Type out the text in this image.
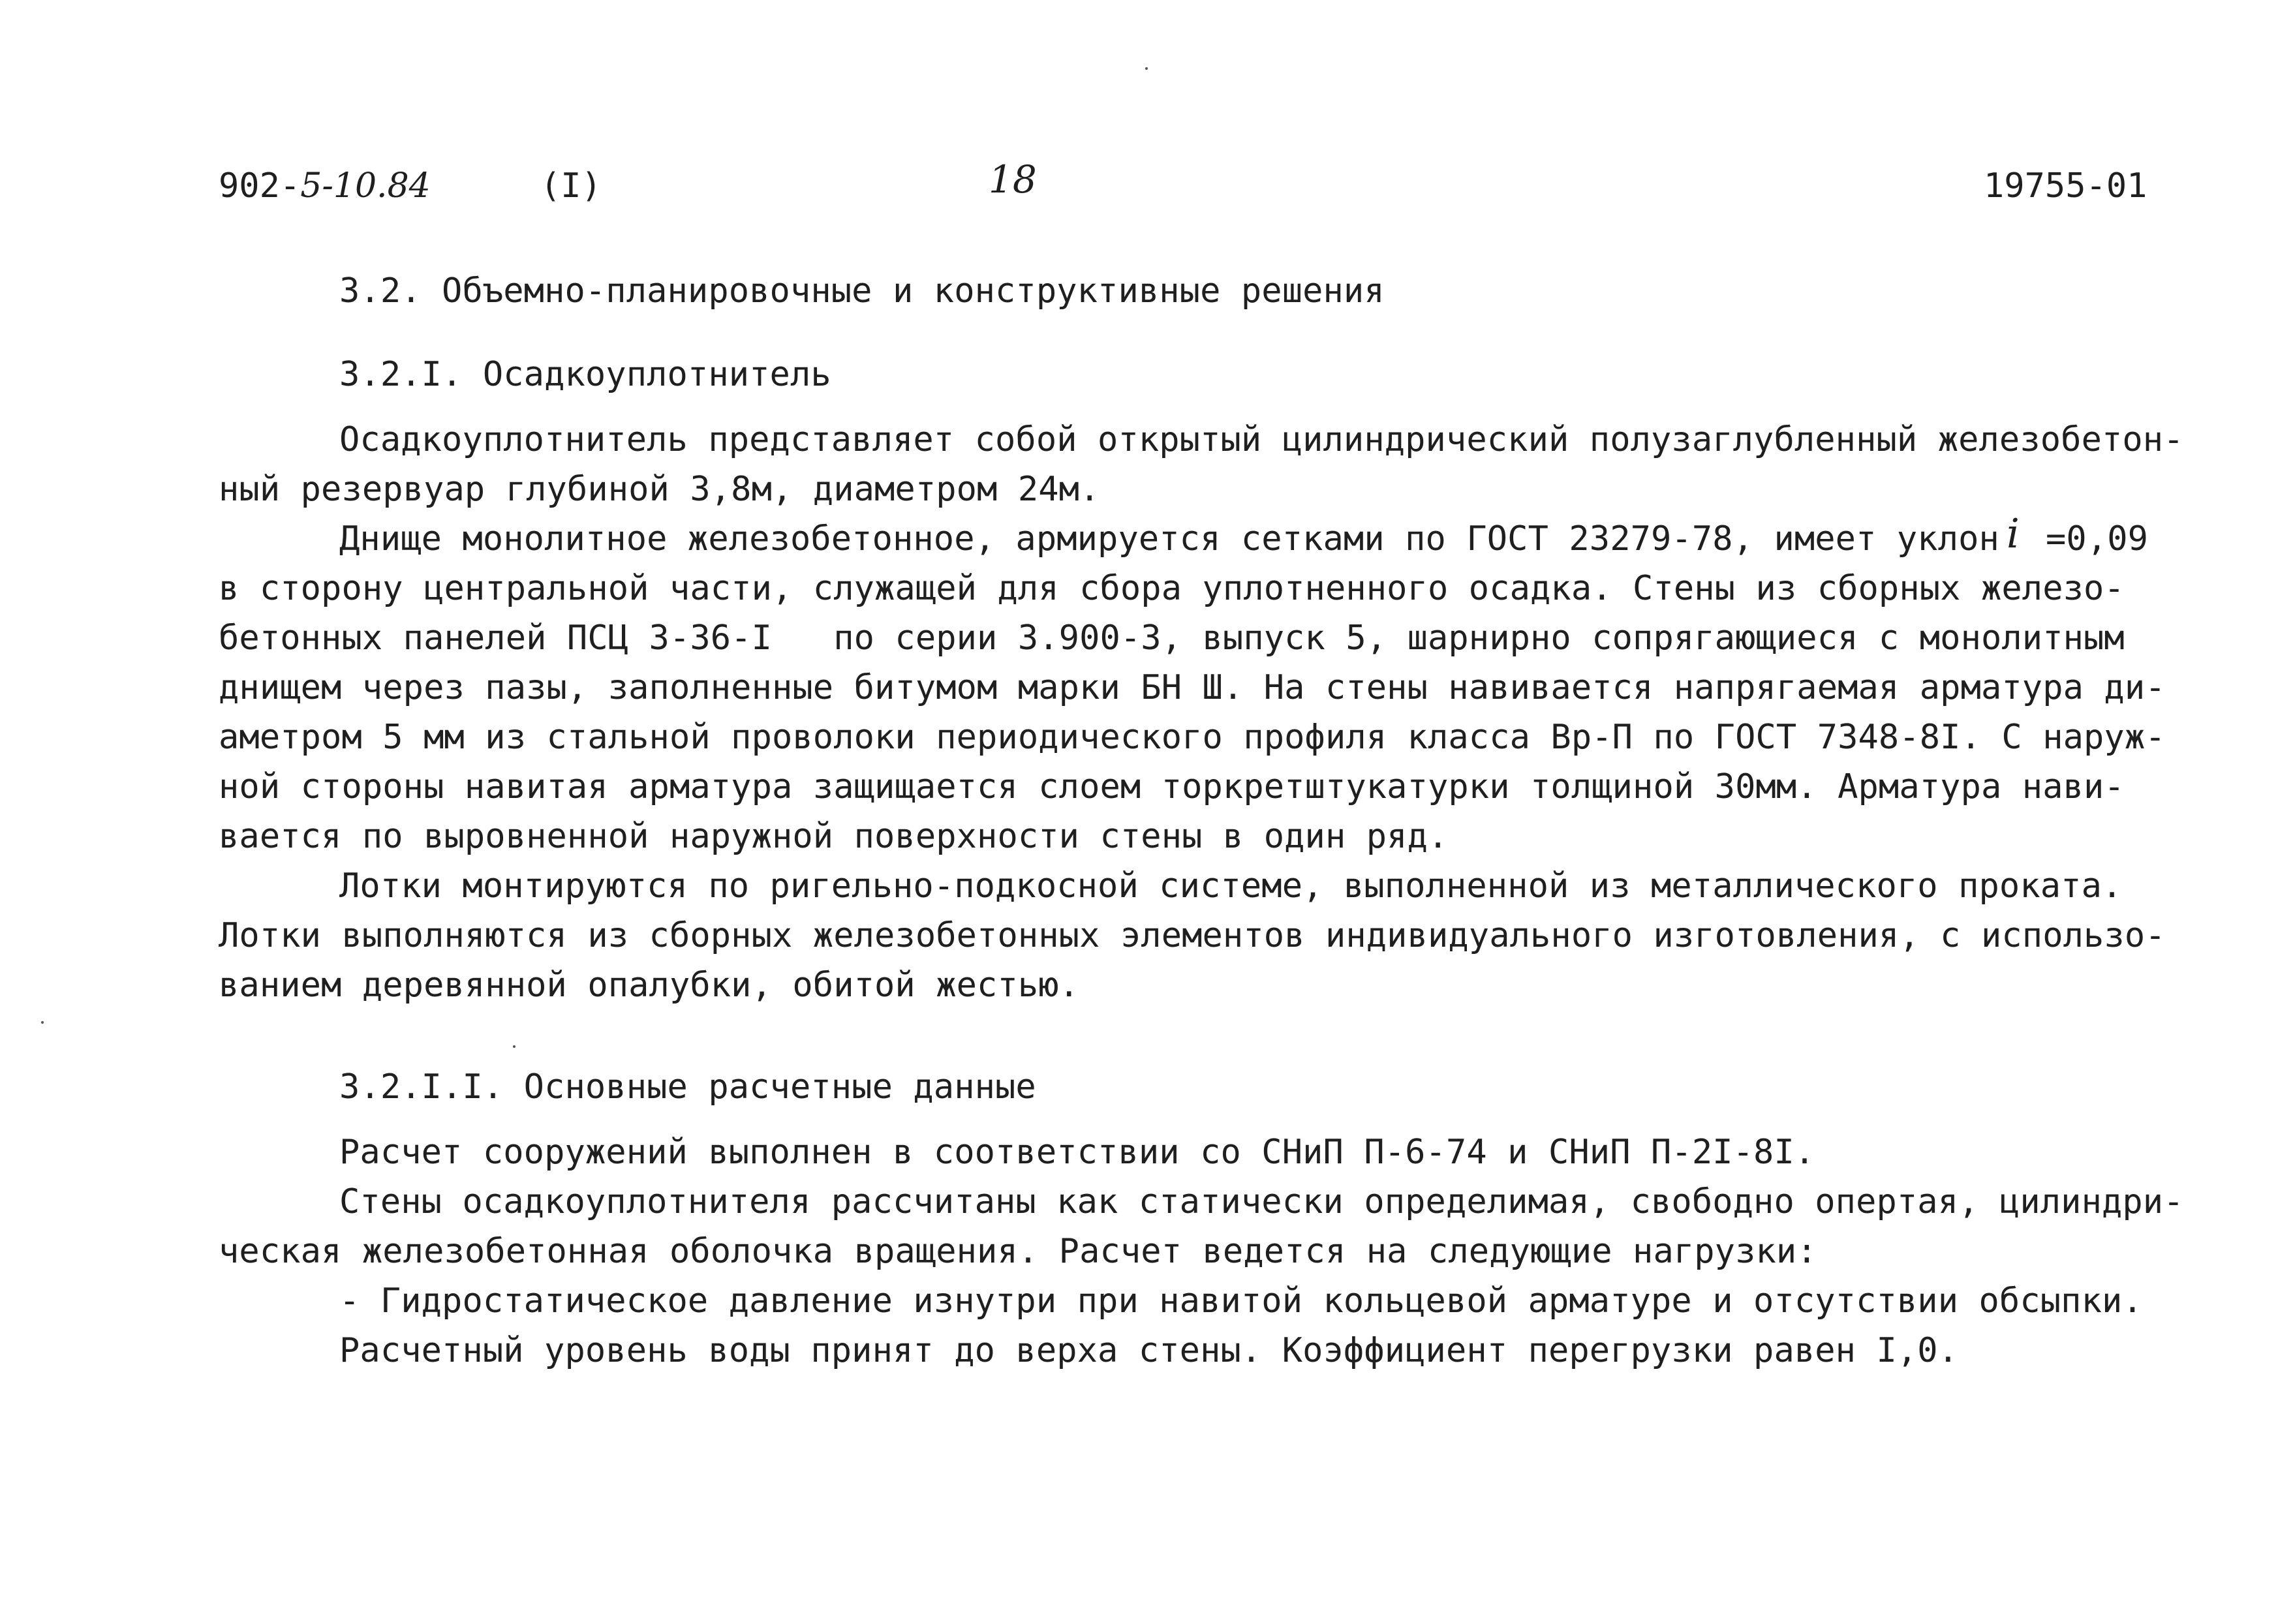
902-5-10.84	(I)	18	19755-01
3.2. Объемно-планировочные и конструктивные решения
3.2.I. Осадкоуплотнитель
Осадкоуплотнитель представляет собой открытый цилиндрический полузаглубленный железобетон-
ный резервуар глубиной 3,8м, диаметром 24м.
Днище монолитное железобетонное, армируется сетками по ГОСТ 23279-78, имеет уклон i =0,09
в сторону центральной части, служащей для сбора уплотненного осадка. Стены из сборных железо-
бетонных панелей ПСЦ 3-36-I   по серии 3.900-3, выпуск 5, шарнирно сопрягающиеся с монолитным
днищем через пазы, заполненные битумом марки БН Ш. На стены навивается напрягаемая арматура ди-
аметром 5 мм из стальной проволоки периодического профиля класса Вр-П по ГОСТ 7348-8I. С наруж-
ной стороны навитая арматура защищается слоем торкретштукатурки толщиной 30мм. Арматура нави-
вается по выровненной наружной поверхности стены в один ряд.
Лотки монтируются по ригельно-подкосной системе, выполненной из металлического проката.
Лотки выполняются из сборных железобетонных элементов индивидуального изготовления, с использо-
ванием деревянной опалубки, обитой жестью.
3.2.I.I. Основные расчетные данные
Расчет сооружений выполнен в соответствии со СНиП П-6-74 и СНиП П-2I-8I.
Стены осадкоуплотнителя рассчитаны как статически определимая, свободно опертая, цилиндри-
ческая железобетонная оболочка вращения. Расчет ведется на следующие нагрузки:
- Гидростатическое давление изнутри при навитой кольцевой арматуре и отсутствии обсыпки.
Расчетный уровень воды принят до верха стены. Коэффициент перегрузки равен I,0.
